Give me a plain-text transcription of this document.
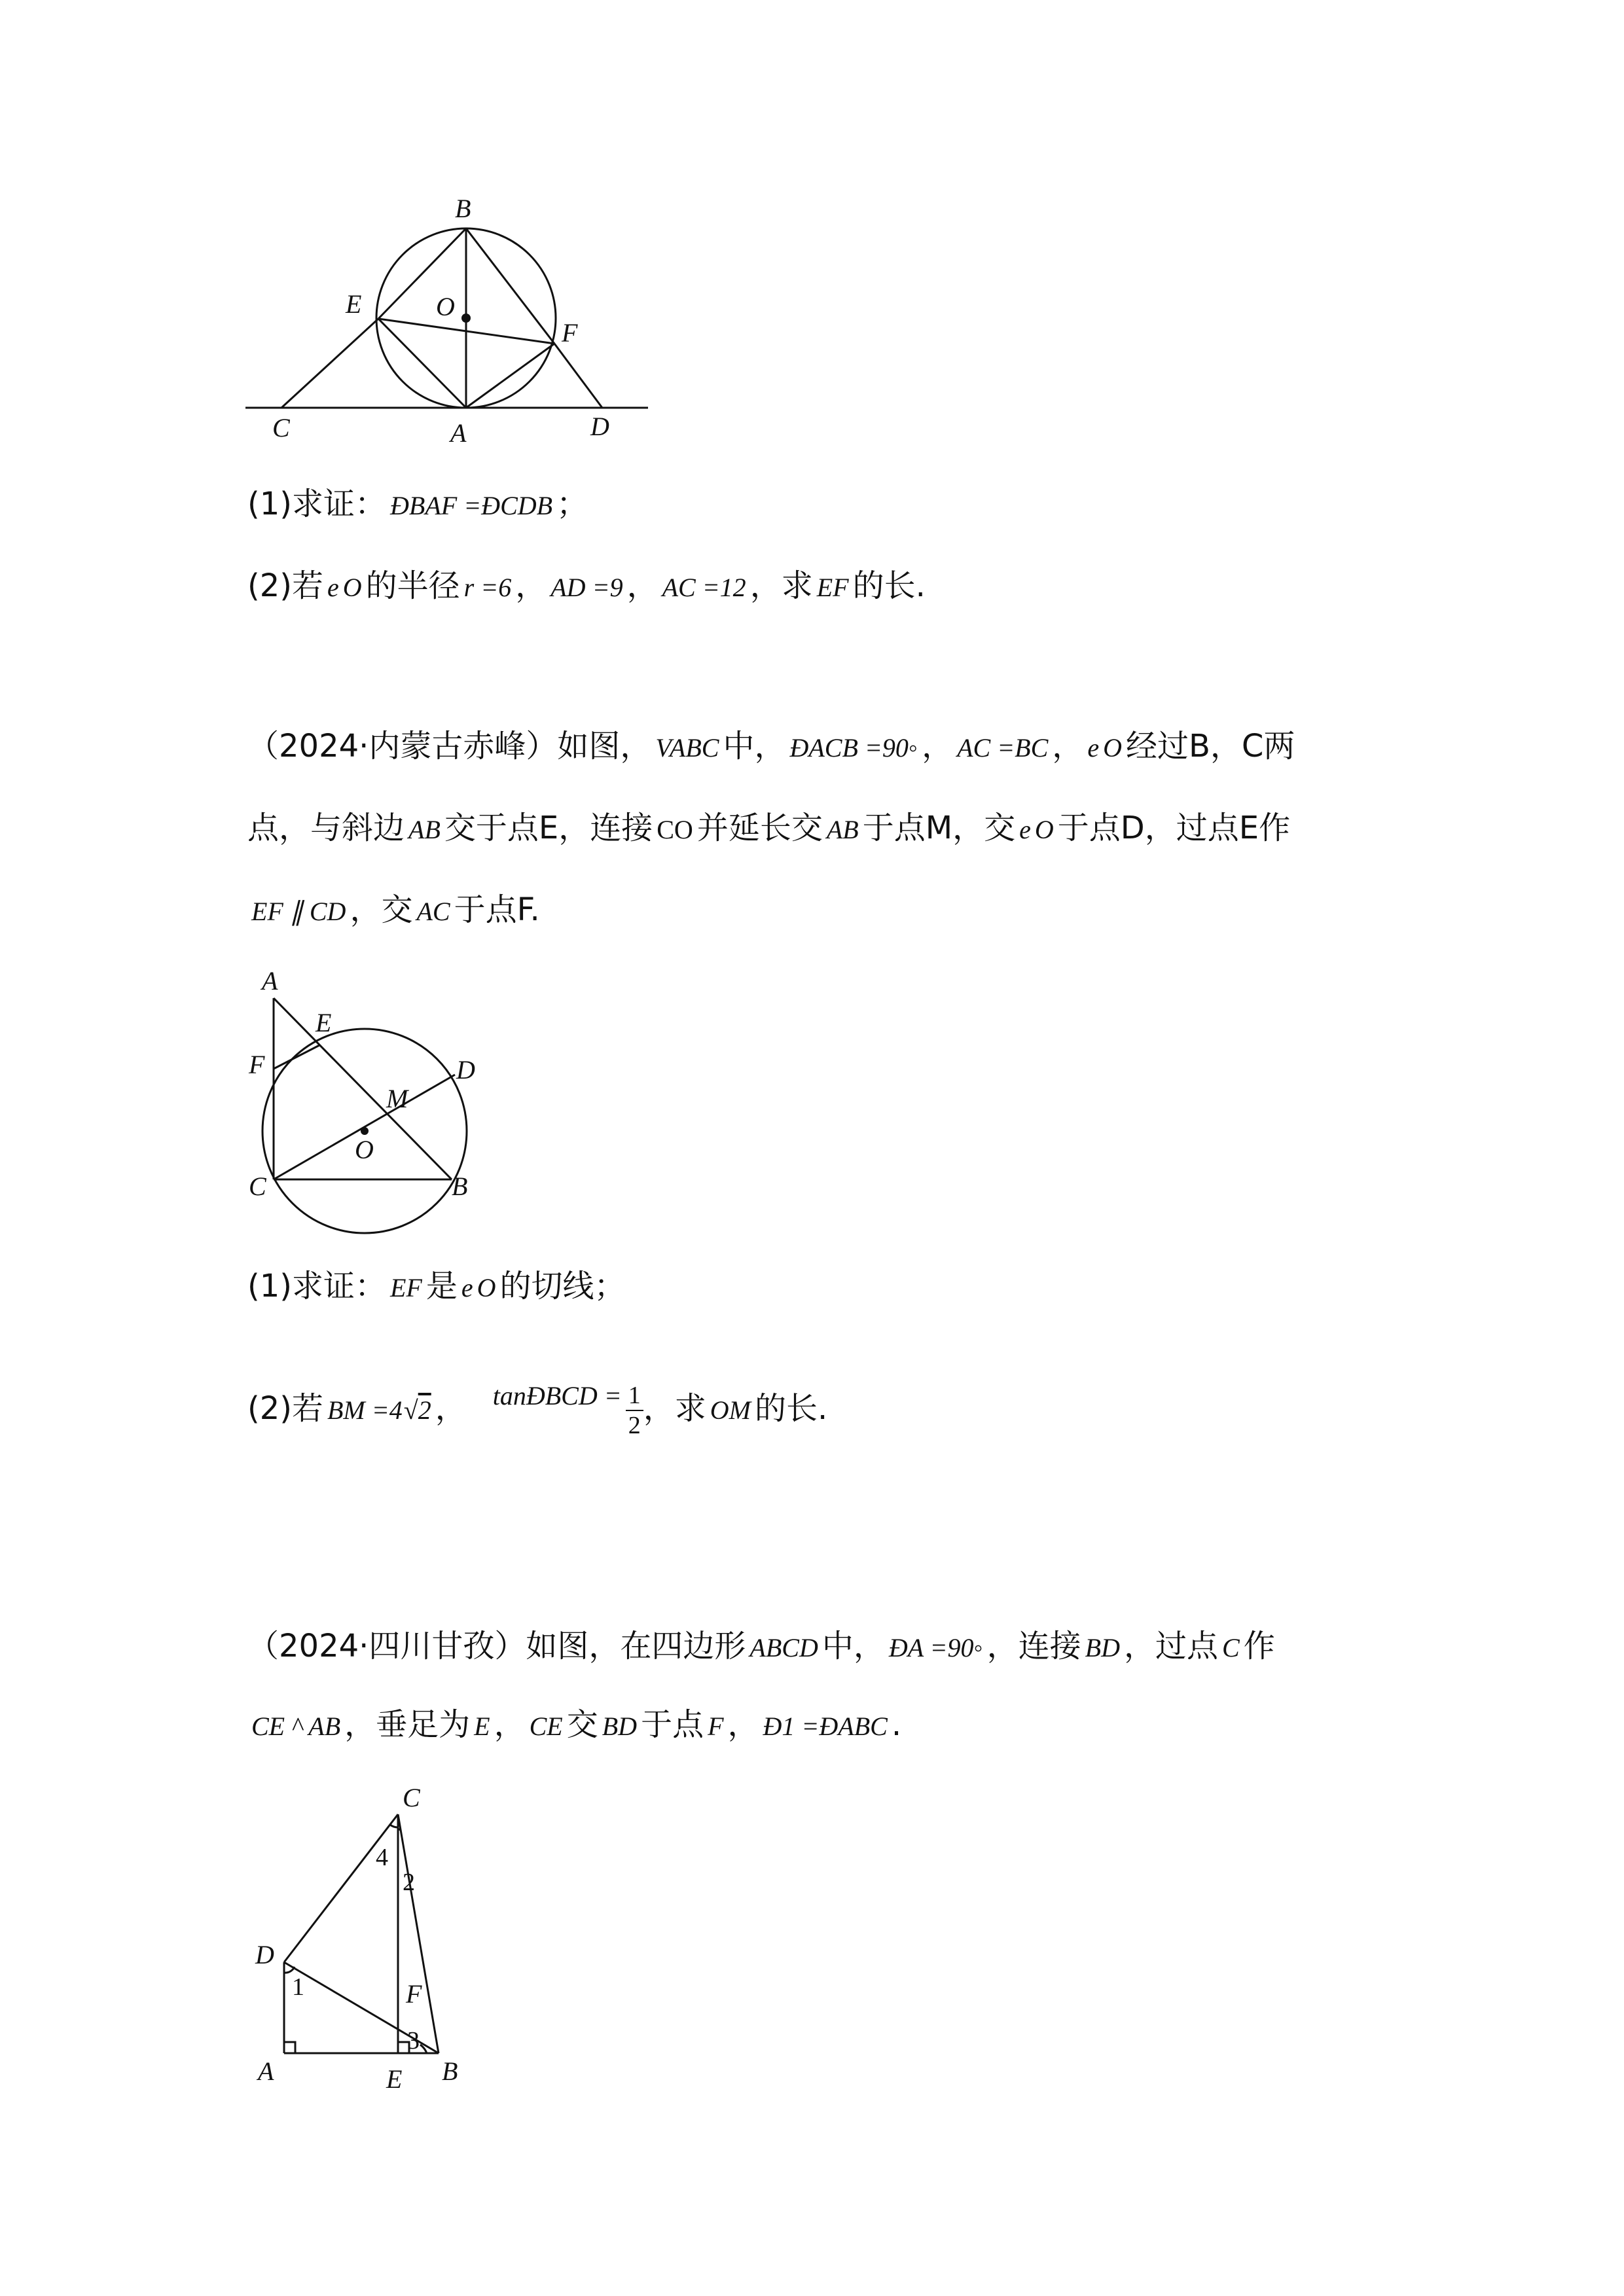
B
O
E
F
C	A	D
(1)求证： ÐBAF =ÐCDB ；
(2)若 e O 的半径 r =6 ， AD =9 ， AC =12 ，求 EF 的长.
（2024·内蒙古赤峰）如图， VABC 中， ÐACB =90◦ ， AC =BC ， e O 经过B，C两
点，与斜边 AB 交于点E，连接 CO 并延长交 AB 于点M，交 e O 于点D，过点E作
EF ∥ CD ，交 AC 于点F.
A
E
F
M
D
O
C	B
(1)求证： EF 是 e O 的切线；
(2)若 BM =4√2 ， $^{tanÐBCD =} \frac{1}{2}$ ，求 OM 的长.
（2024·四川甘孜）如图，在四边形 ABCD 中， ÐA =90◦ ，连接 BD ，过点 C 作
CE ^ AB ，垂足为 E ， CE 交 BD 于点 F ， Ð1 =ÐABC .
C
D
A	E B
F
1
2
3
4
